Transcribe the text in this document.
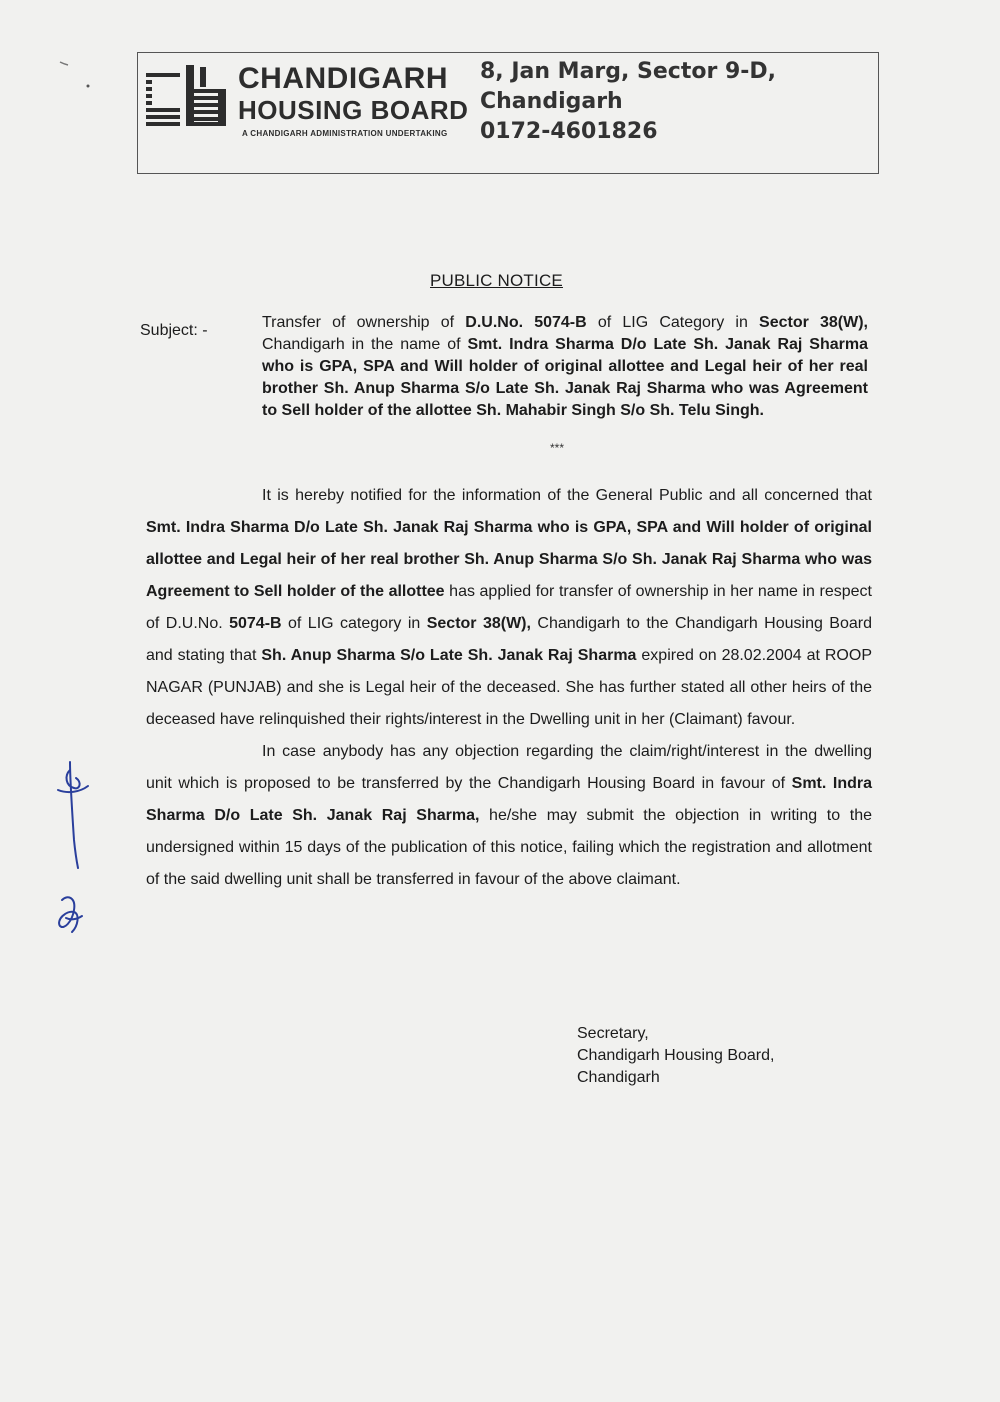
CHANDIGARH
HOUSING BOARD
A CHANDIGARH ADMINISTRATION UNDERTAKING
8, Jan Marg, Sector 9-D,
Chandigarh
0172-4601826
PUBLIC NOTICE
Subject: -	Transfer of ownership of D.U.No. 5074-B of LIG Category in Sector 38(W), Chandigarh in the name of Smt. Indra Sharma D/o Late Sh. Janak Raj Sharma who is GPA, SPA and Will holder of original allottee and Legal heir of her real brother Sh. Anup Sharma S/o Late Sh. Janak Raj Sharma who was Agreement to Sell holder of the allottee Sh. Mahabir Singh S/o Sh. Telu Singh.
***

It is hereby notified for the information of the General Public and all concerned that Smt. Indra Sharma D/o Late Sh. Janak Raj Sharma who is GPA, SPA and Will holder of original allottee and Legal heir of her real brother Sh. Anup Sharma S/o Sh. Janak Raj Sharma who was Agreement to Sell holder of the allottee has applied for transfer of ownership in her name in respect of D.U.No. 5074-B of LIG category in Sector 38(W), Chandigarh to the Chandigarh Housing Board and stating that Sh. Anup Sharma S/o Late Sh. Janak Raj Sharma expired on 28.02.2004 at ROOP NAGAR (PUNJAB) and she is Legal heir of the deceased. She has further stated all other heirs of the deceased have relinquished their rights/interest in the Dwelling unit in her (Claimant) favour.

In case anybody has any objection regarding the claim/right/interest in the dwelling unit which is proposed to be transferred by the Chandigarh Housing Board in favour of Smt. Indra Sharma D/o Late Sh. Janak Raj Sharma, he/she may submit the objection in writing to the undersigned within 15 days of the publication of this notice, failing which the registration and allotment of the said dwelling unit shall be transferred in favour of the above claimant.

Secretary,
Chandigarh Housing Board,
Chandigarh
